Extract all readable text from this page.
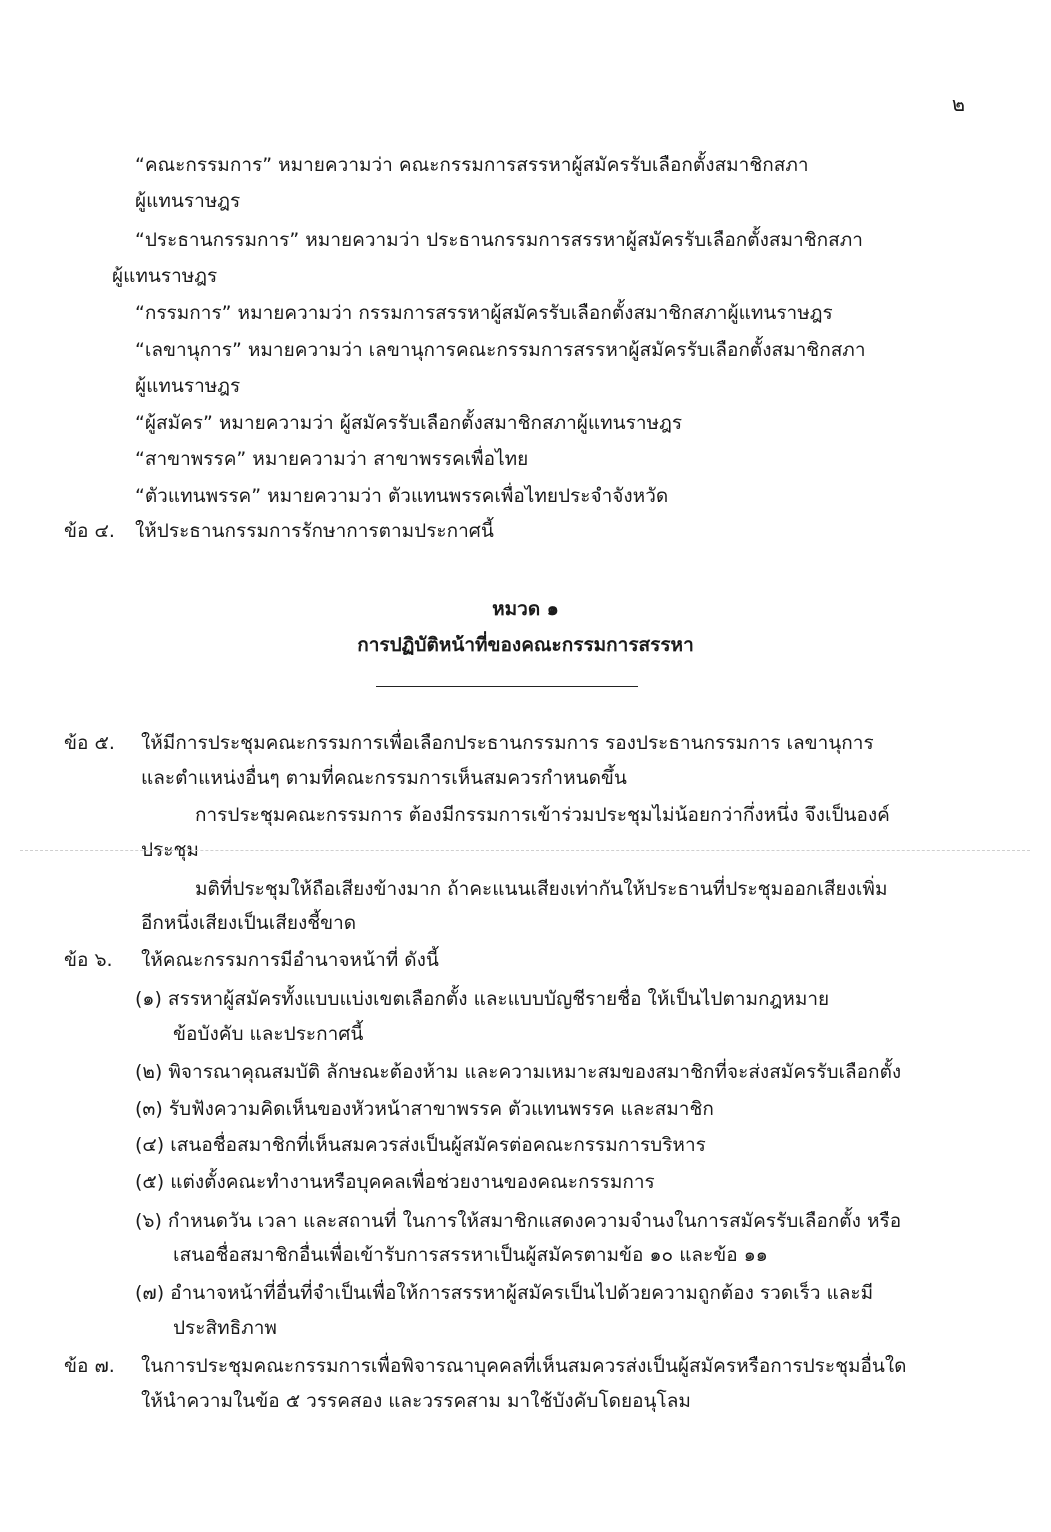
๒
“คณะกรรมการ” หมายความว่า คณะกรรมการสรรหาผู้สมัครรับเลือกตั้งสมาชิกสภา
ผู้แทนราษฎร
“ประธานกรรมการ” หมายความว่า ประธานกรรมการสรรหาผู้สมัครรับเลือกตั้งสมาชิกสภา
ผู้แทนราษฎร
“กรรมการ” หมายความว่า กรรมการสรรหาผู้สมัครรับเลือกตั้งสมาชิกสภาผู้แทนราษฎร
“เลขานุการ” หมายความว่า เลขานุการคณะกรรมการสรรหาผู้สมัครรับเลือกตั้งสมาชิกสภา
ผู้แทนราษฎร
“ผู้สมัคร” หมายความว่า ผู้สมัครรับเลือกตั้งสมาชิกสภาผู้แทนราษฎร
“สาขาพรรค” หมายความว่า สาขาพรรคเพื่อไทย
“ตัวแทนพรรค” หมายความว่า ตัวแทนพรรคเพื่อไทยประจำจังหวัด
ข้อ ๔. ให้ประธานกรรมการรักษาการตามประกาศนี้
หมวด ๑
การปฏิบัติหน้าที่ของคณะกรรมการสรรหา
ข้อ ๕. ให้มีการประชุมคณะกรรมการเพื่อเลือกประธานกรรมการ รองประธานกรรมการ เลขานุการ
และตำแหน่งอื่นๆ ตามที่คณะกรรมการเห็นสมควรกำหนดขึ้น
การประชุมคณะกรรมการ ต้องมีกรรมการเข้าร่วมประชุมไม่น้อยกว่ากึ่งหนึ่ง จึงเป็นองค์
ประชุม
มติที่ประชุมให้ถือเสียงข้างมาก ถ้าคะแนนเสียงเท่ากันให้ประธานที่ประชุมออกเสียงเพิ่ม
อีกหนึ่งเสียงเป็นเสียงชี้ขาด
ข้อ ๖. ให้คณะกรรมการมีอำนาจหน้าที่ ดังนี้
(๑) สรรหาผู้สมัครทั้งแบบแบ่งเขตเลือกตั้ง และแบบบัญชีรายชื่อ ให้เป็นไปตามกฎหมาย
ข้อบังคับ และประกาศนี้
(๒) พิจารณาคุณสมบัติ ลักษณะต้องห้าม และความเหมาะสมของสมาชิกที่จะส่งสมัครรับเลือกตั้ง
(๓) รับฟังความคิดเห็นของหัวหน้าสาขาพรรค ตัวแทนพรรค และสมาชิก
(๔) เสนอชื่อสมาชิกที่เห็นสมควรส่งเป็นผู้สมัครต่อคณะกรรมการบริหาร
(๕) แต่งตั้งคณะทำงานหรือบุคคลเพื่อช่วยงานของคณะกรรมการ
(๖) กำหนดวัน เวลา และสถานที่ ในการให้สมาชิกแสดงความจำนงในการสมัครรับเลือกตั้ง หรือ
เสนอชื่อสมาชิกอื่นเพื่อเข้ารับการสรรหาเป็นผู้สมัครตามข้อ ๑๐ และข้อ ๑๑
(๗) อำนาจหน้าที่อื่นที่จำเป็นเพื่อให้การสรรหาผู้สมัครเป็นไปด้วยความถูกต้อง รวดเร็ว และมี
ประสิทธิภาพ
ข้อ ๗. ในการประชุมคณะกรรมการเพื่อพิจารณาบุคคลที่เห็นสมควรส่งเป็นผู้สมัครหรือการประชุมอื่นใด
ให้นำความในข้อ ๕ วรรคสอง และวรรคสาม มาใช้บังคับโดยอนุโลม
